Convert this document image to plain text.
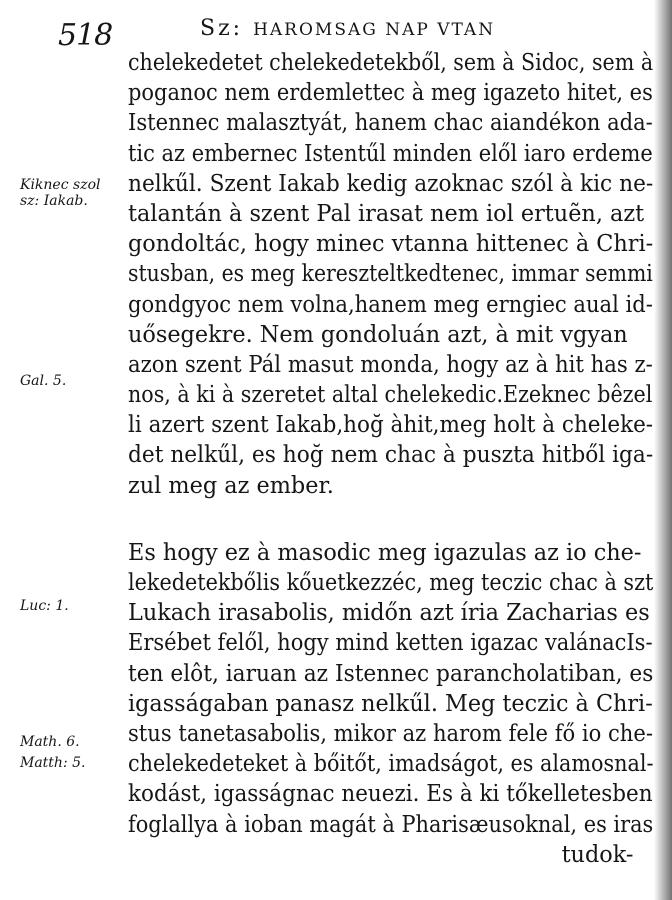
518	Sz: HAROMSAG NAP VTAN
Kiknec szol
sz: Iakab.
Gal. 5.
Luc: 1.
Math. 6.
Matth: 5.
chelekedetet chelekedetekből, sem à Sidoc, sem à
poganoc nem erdemlettec à meg igazeto hitet, es
Istennec malasztyát, hanem chac aiandékon ada-
tic az embernec Istentűl minden elől iaro erdeme
nelkűl. Szent Iakab kedig azoknac szól à kic ne-
talantán à szent Pal irasat nem iol ertuẽn, azt
gondoltác, hogy minec vtanna hittenec à Chri-
stusban, es meg kereszteltkedtenec, immar semmi
gondgyoc nem volna,hanem meg erngiec aual id-
uősegekre. Nem gondoluán azt, à mit vgyan
azon szent Pál masut monda, hogy az à hit has z-
nos, à ki à szeretet altal chelekedic.Ezeknec bêzel
li azert szent Iakab,hoğ àhit,meg holt à cheleke-
det nelkűl, es hoğ nem chac à puszta hitből iga-
zul meg az ember.
Es hogy ez à masodic meg igazulas az io che-
lekedetekbőlis kőuetkezzéc, meg teczic chac à szt
Lukach irasabolis, midőn azt íria Zacharias es
Ersébet felől, hogy mind ketten igazac valánacIs-
ten elôt, iaruan az Istennec parancholatiban, es
igasságaban panasz nelkűl. Meg teczic à Chri-
stus tanetasabolis, mikor az harom fele fő io che-
chelekedeteket à bőitőt, imadságot, es alamosnal-
kodást, igasságnac neuezi. Es à ki tőkelletesben
foglallya à ioban magát à Pharisæusoknal, es iras
tudok-
